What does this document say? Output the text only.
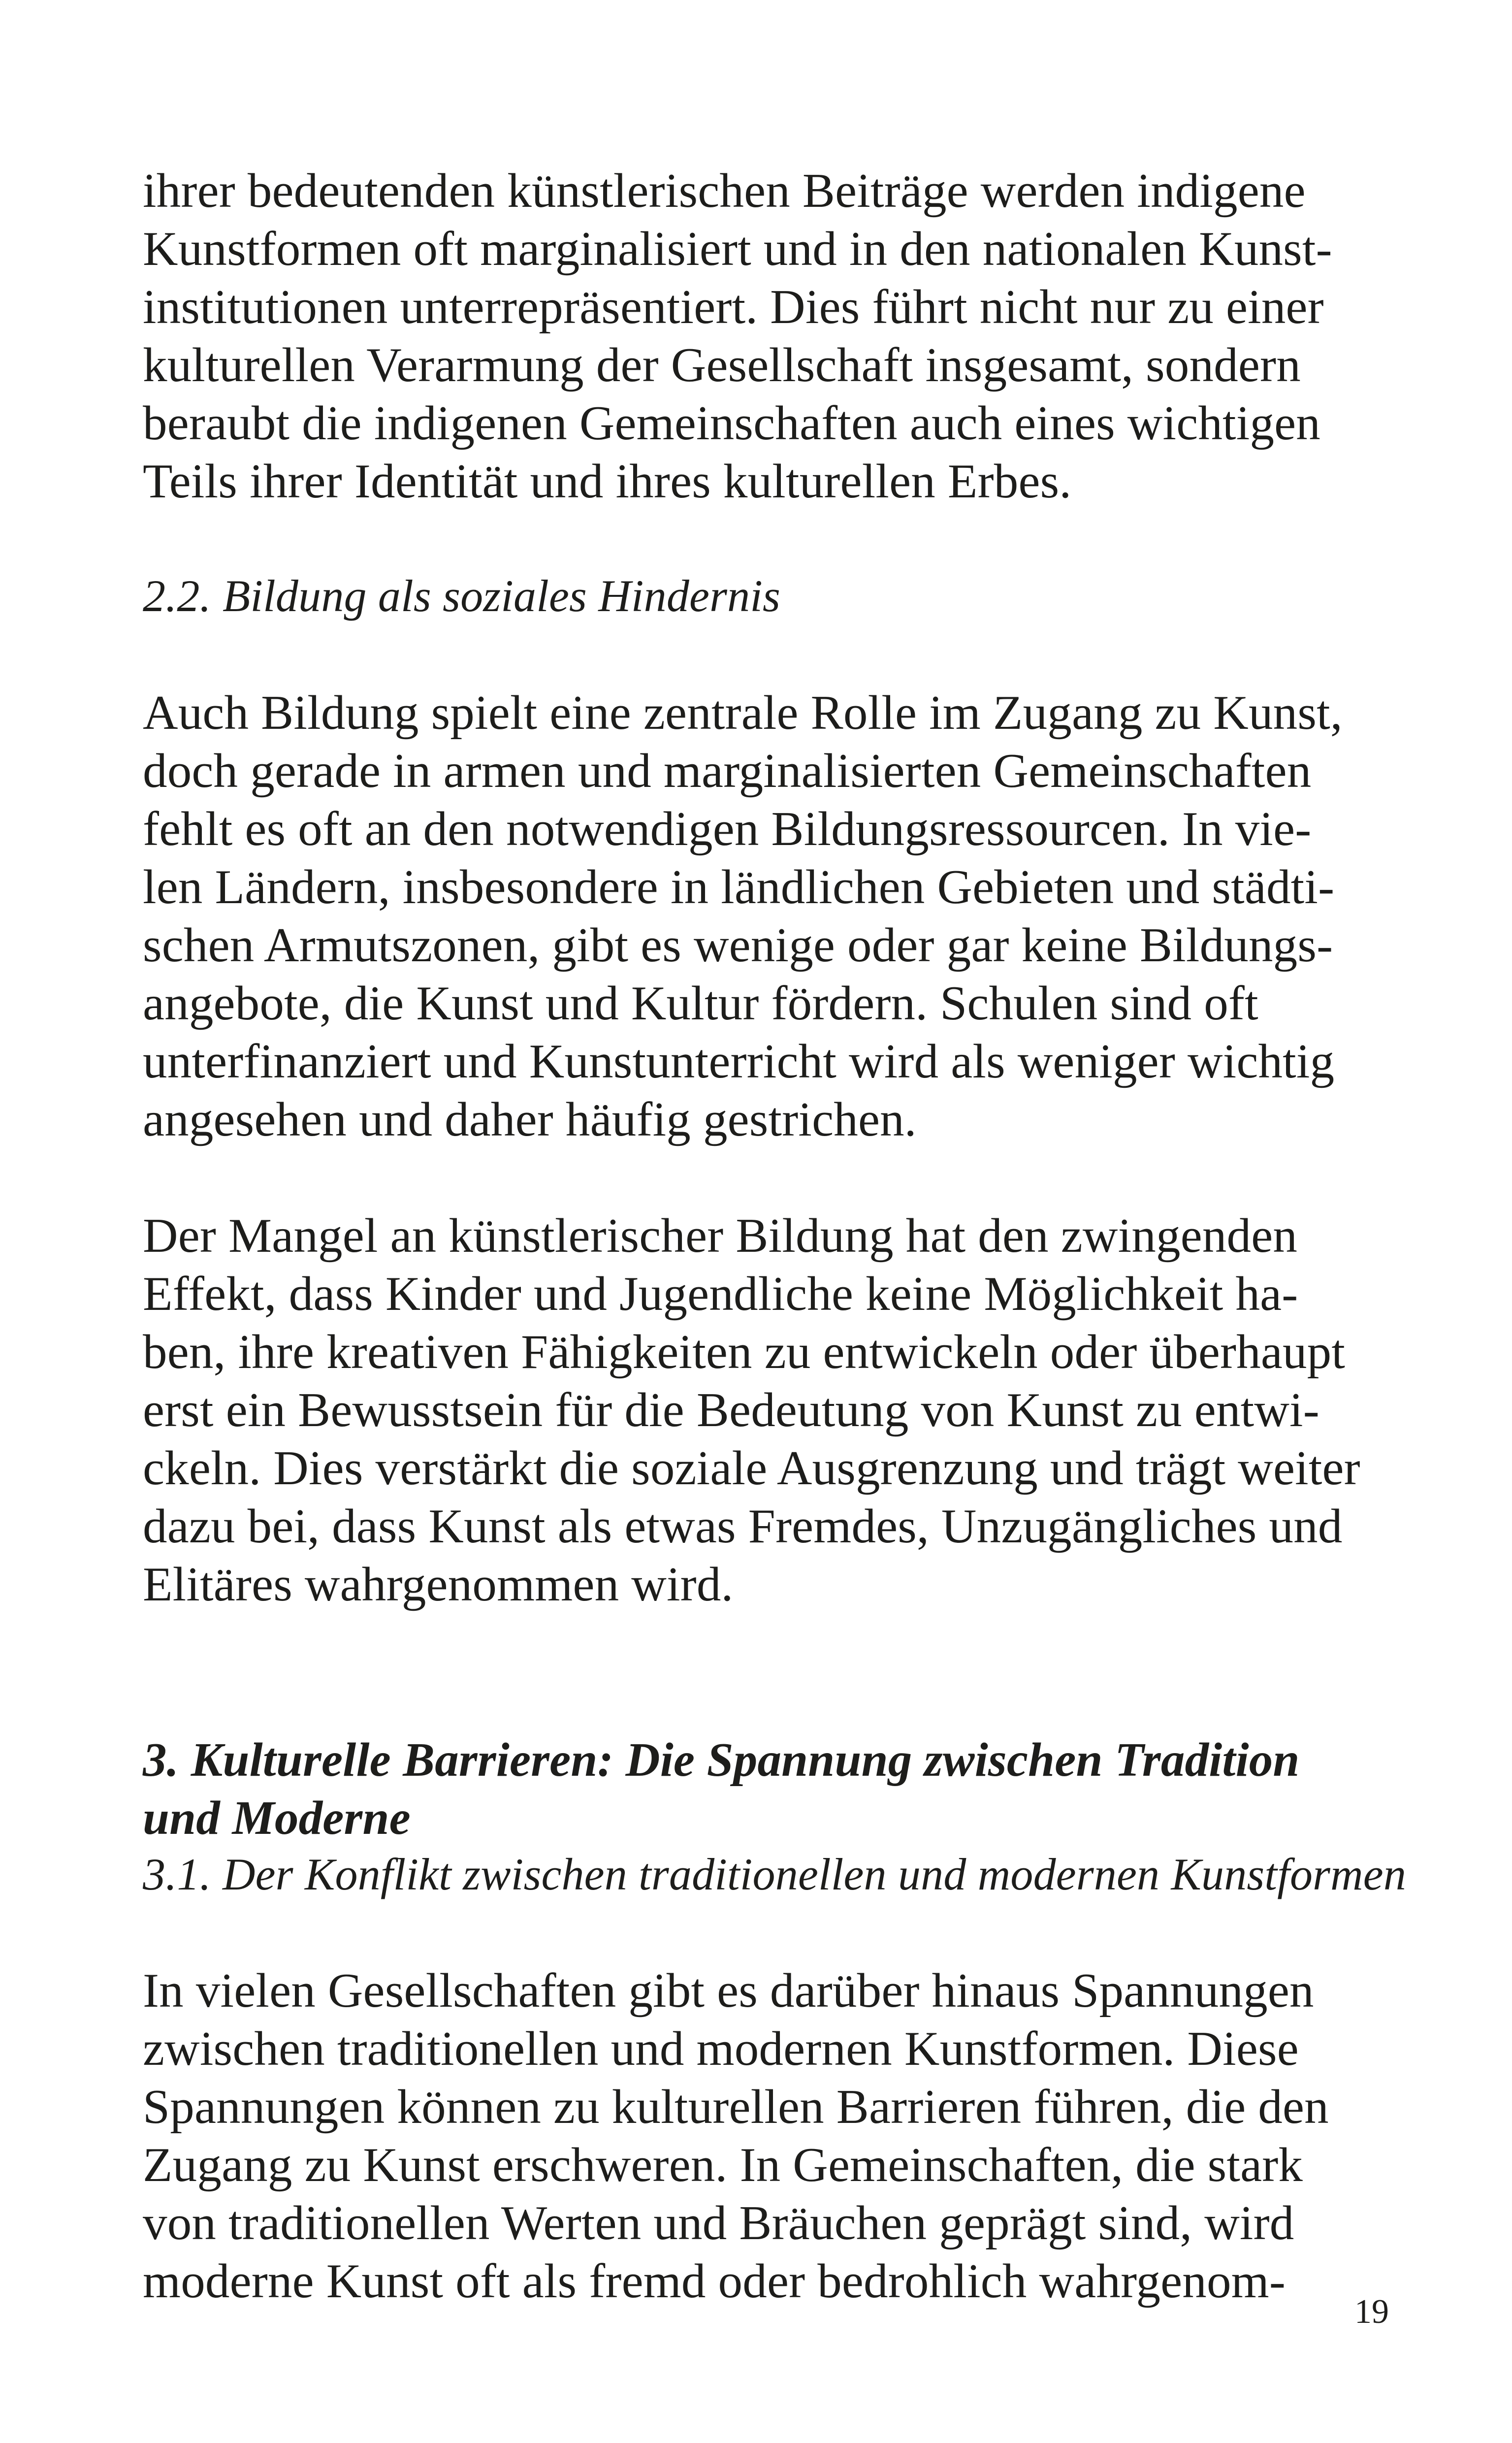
ihrer bedeutenden künstlerischen Beiträge werden indigene

Kunstformen oft marginalisiert und in den nationalen Kunst-

institutionen unterrepräsentiert. Dies führt nicht nur zu einer

kulturellen Verarmung der Gesellschaft insgesamt, sondern

beraubt die indigenen Gemeinschaften auch eines wichtigen

Teils ihrer Identität und ihres kulturellen Erbes.

2.2. Bildung als soziales Hindernis

Auch Bildung spielt eine zentrale Rolle im Zugang zu Kunst,

doch gerade in armen und marginalisierten Gemeinschaften

fehlt es oft an den notwendigen Bildungsressourcen. In vie-

len Ländern, insbesondere in ländlichen Gebieten und städti-

schen Armutszonen, gibt es wenige oder gar keine Bildungs-

angebote, die Kunst und Kultur fördern. Schulen sind oft

unterfinanziert und Kunstunterricht wird als weniger wichtig

angesehen und daher häufig gestrichen.

Der Mangel an künstlerischer Bildung hat den zwingenden

Effekt, dass Kinder und Jugendliche keine Möglichkeit ha-

ben, ihre kreativen Fähigkeiten zu entwickeln oder überhaupt

erst ein Bewusstsein für die Bedeutung von Kunst zu entwi-

ckeln. Dies verstärkt die soziale Ausgrenzung und trägt weiter

dazu bei, dass Kunst als etwas Fremdes, Unzugängliches und

Elitäres wahrgenommen wird.

3. Kulturelle Barrieren: Die Spannung zwischen Tradition

und Moderne

3.1. Der Konflikt zwischen traditionellen und modernen Kunstformen

In vielen Gesellschaften gibt es darüber hinaus Spannungen

zwischen traditionellen und modernen Kunstformen. Diese

Spannungen können zu kulturellen Barrieren führen, die den

Zugang zu Kunst erschweren. In Gemeinschaften, die stark

von traditionellen Werten und Bräuchen geprägt sind, wird

moderne Kunst oft als fremd oder bedrohlich wahrgenom-

19
